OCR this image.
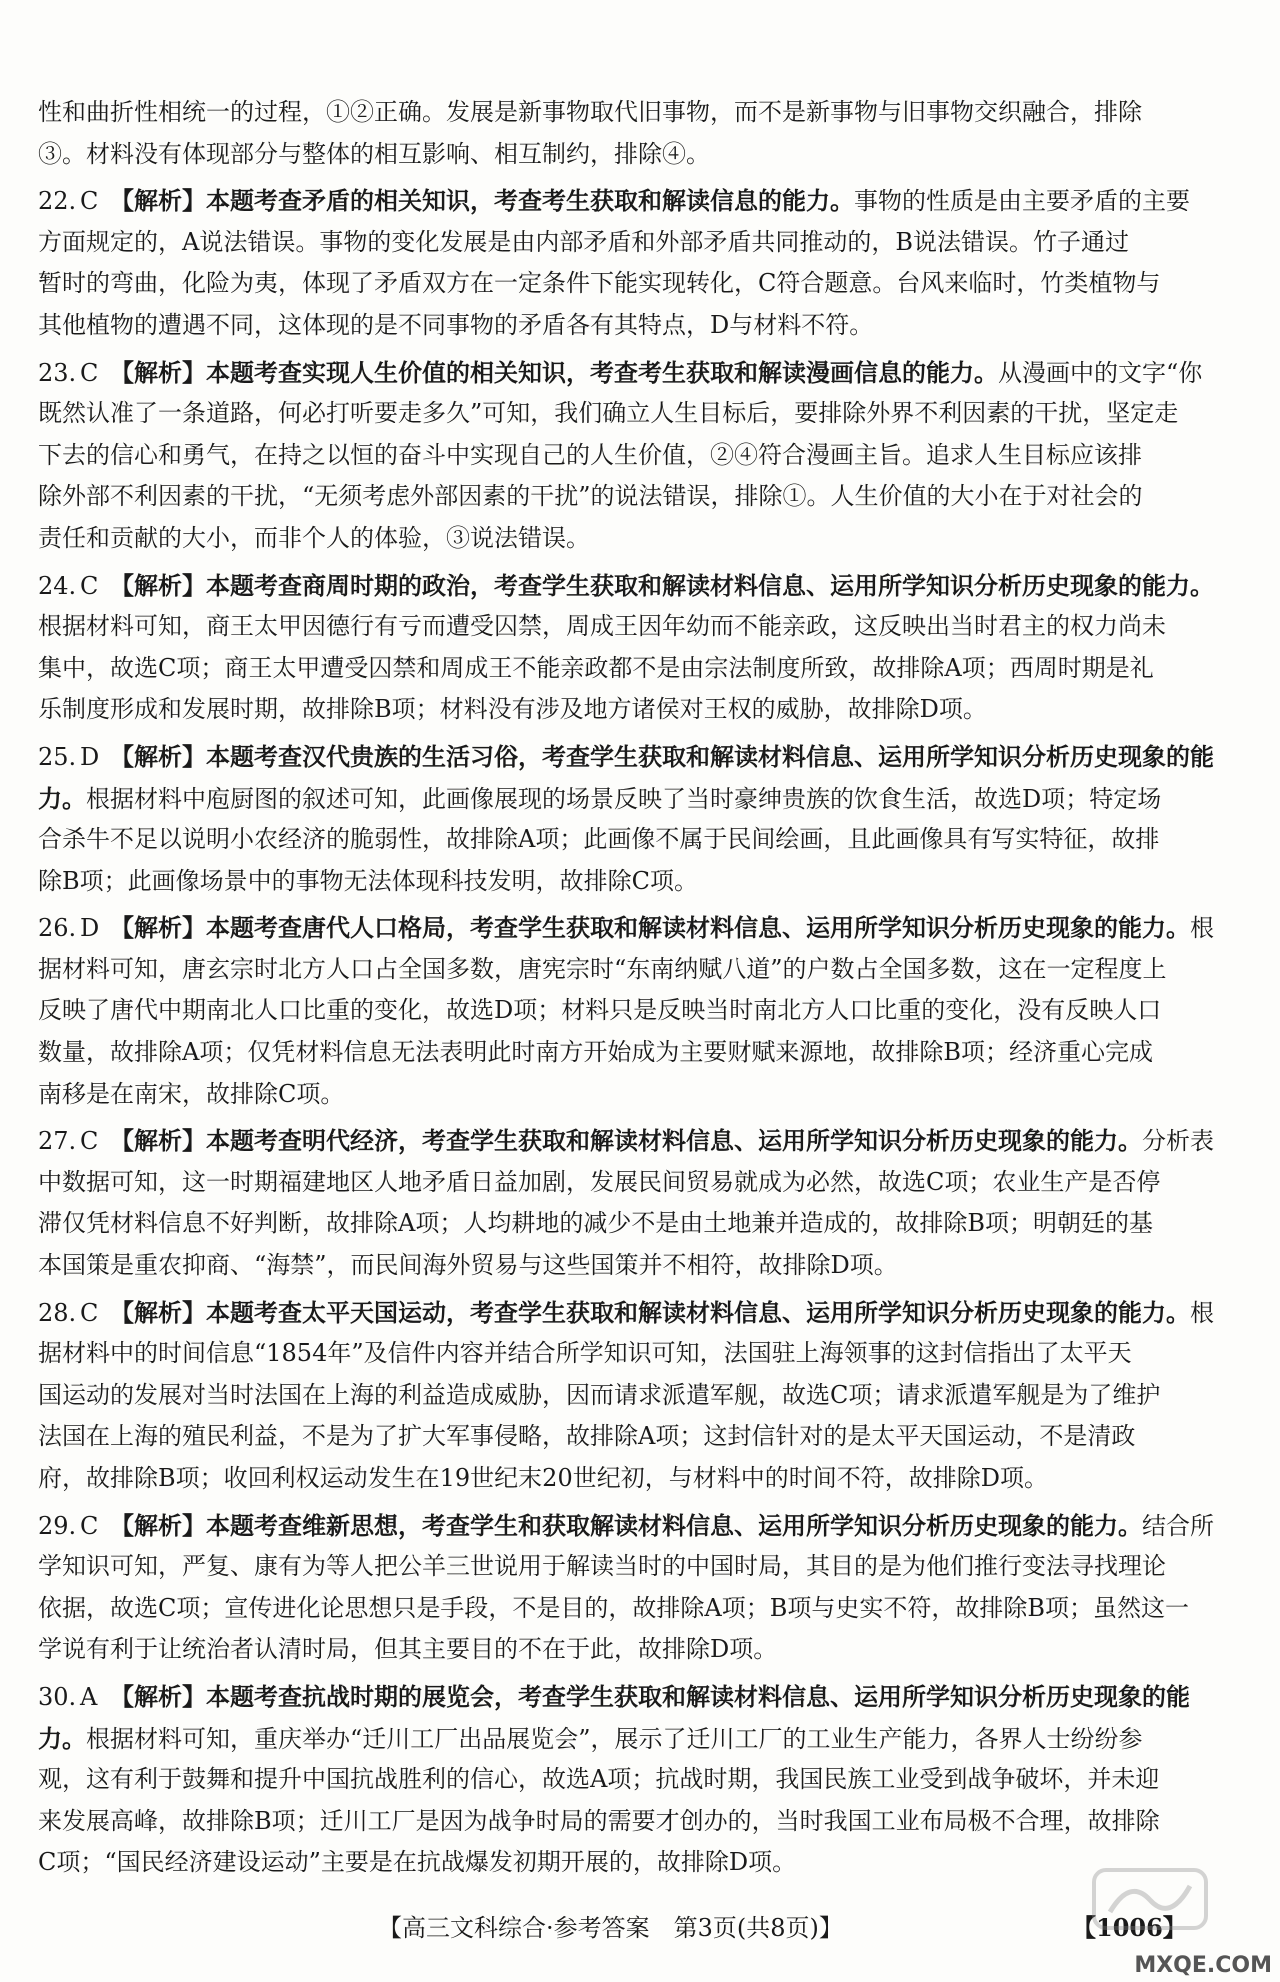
性和曲折性相统一的过程，①②正确。发展是新事物取代旧事物，而不是新事物与旧事物交织融合，排除
③。材料没有体现部分与整体的相互影响、相互制约，排除④。
22. C 【解析】本题考查矛盾的相关知识，考查考生获取和解读信息的能力。事物的性质是由主要矛盾的主要
方面规定的，A说法错误。事物的变化发展是由内部矛盾和外部矛盾共同推动的，B说法错误。竹子通过
暂时的弯曲，化险为夷，体现了矛盾双方在一定条件下能实现转化，C符合题意。台风来临时，竹类植物与
其他植物的遭遇不同，这体现的是不同事物的矛盾各有其特点，D与材料不符。
23. C 【解析】本题考查实现人生价值的相关知识，考查考生获取和解读漫画信息的能力。从漫画中的文字“你
既然认准了一条道路，何必打听要走多久”可知，我们确立人生目标后，要排除外界不利因素的干扰，坚定走
下去的信心和勇气，在持之以恒的奋斗中实现自己的人生价值，②④符合漫画主旨。追求人生目标应该排
除外部不利因素的干扰，“无须考虑外部因素的干扰”的说法错误，排除①。人生价值的大小在于对社会的
责任和贡献的大小，而非个人的体验，③说法错误。
24. C 【解析】本题考查商周时期的政治，考查学生获取和解读材料信息、运用所学知识分析历史现象的能力。
根据材料可知，商王太甲因德行有亏而遭受囚禁，周成王因年幼而不能亲政，这反映出当时君主的权力尚未
集中，故选C项；商王太甲遭受囚禁和周成王不能亲政都不是由宗法制度所致，故排除A项；西周时期是礼
乐制度形成和发展时期，故排除B项；材料没有涉及地方诸侯对王权的威胁，故排除D项。
25. D 【解析】本题考查汉代贵族的生活习俗，考查学生获取和解读材料信息、运用所学知识分析历史现象的能
力。根据材料中庖厨图的叙述可知，此画像展现的场景反映了当时豪绅贵族的饮食生活，故选D项；特定场
合杀牛不足以说明小农经济的脆弱性，故排除A项；此画像不属于民间绘画，且此画像具有写实特征，故排
除B项；此画像场景中的事物无法体现科技发明，故排除C项。
26. D 【解析】本题考查唐代人口格局，考查学生获取和解读材料信息、运用所学知识分析历史现象的能力。根
据材料可知，唐玄宗时北方人口占全国多数，唐宪宗时“东南纳赋八道”的户数占全国多数，这在一定程度上
反映了唐代中期南北人口比重的变化，故选D项；材料只是反映当时南北方人口比重的变化，没有反映人口
数量，故排除A项；仅凭材料信息无法表明此时南方开始成为主要财赋来源地，故排除B项；经济重心完成
南移是在南宋，故排除C项。
27. C 【解析】本题考查明代经济，考查学生获取和解读材料信息、运用所学知识分析历史现象的能力。分析表
中数据可知，这一时期福建地区人地矛盾日益加剧，发展民间贸易就成为必然，故选C项；农业生产是否停
滞仅凭材料信息不好判断，故排除A项；人均耕地的减少不是由土地兼并造成的，故排除B项；明朝廷的基
本国策是重农抑商、“海禁”，而民间海外贸易与这些国策并不相符，故排除D项。
28. C 【解析】本题考查太平天国运动，考查学生获取和解读材料信息、运用所学知识分析历史现象的能力。根
据材料中的时间信息“1854年”及信件内容并结合所学知识可知，法国驻上海领事的这封信指出了太平天
国运动的发展对当时法国在上海的利益造成威胁，因而请求派遣军舰，故选C项；请求派遣军舰是为了维护
法国在上海的殖民利益，不是为了扩大军事侵略，故排除A项；这封信针对的是太平天国运动，不是清政
府，故排除B项；收回利权运动发生在19世纪末20世纪初，与材料中的时间不符，故排除D项。
29. C 【解析】本题考查维新思想，考查学生和获取解读材料信息、运用所学知识分析历史现象的能力。结合所
学知识可知，严复、康有为等人把公羊三世说用于解读当时的中国时局，其目的是为他们推行变法寻找理论
依据，故选C项；宣传进化论思想只是手段，不是目的，故排除A项；B项与史实不符，故排除B项；虽然这一
学说有利于让统治者认清时局，但其主要目的不在于此，故排除D项。
30. A 【解析】本题考查抗战时期的展览会，考查学生获取和解读材料信息、运用所学知识分析历史现象的能
力。根据材料可知，重庆举办“迁川工厂出品展览会”，展示了迁川工厂的工业生产能力，各界人士纷纷参
观，这有利于鼓舞和提升中国抗战胜利的信心，故选A项；抗战时期，我国民族工业受到战争破坏，并未迎
来发展高峰，故排除B项；迁川工厂是因为战争时局的需要才创办的，当时我国工业布局极不合理，故排除
C项；“国民经济建设运动”主要是在抗战爆发初期开展的，故排除D项。
【高三文科综合·参考答案　第3页(共8页)】	【1006】
MXQE.COM
